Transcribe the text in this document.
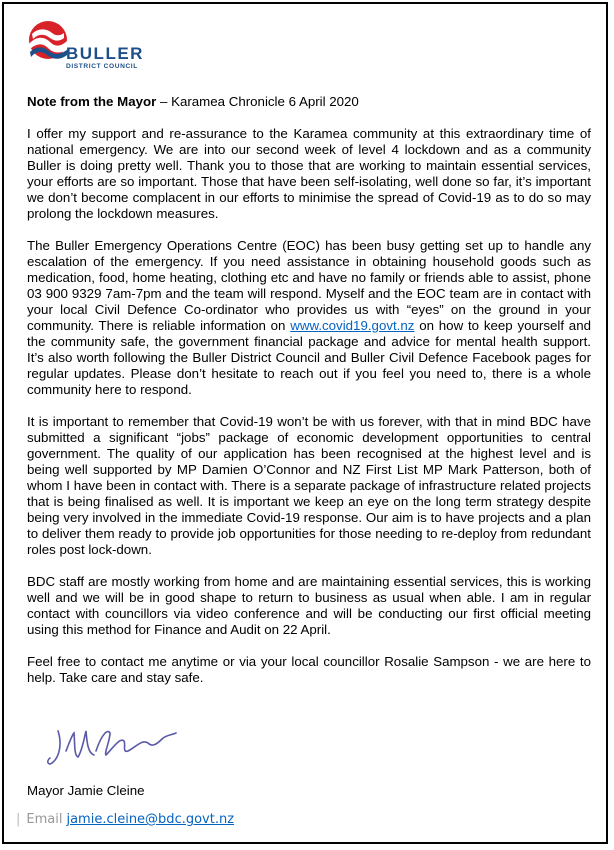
BULLER
DISTRICT COUNCIL
Note from the Mayor – Karamea Chronicle 6 April 2020

I offer my support and re-assurance to the Karamea community at this extraordinary time of national emergency. We are into our second week of level 4 lockdown and as a community Buller is doing pretty well. Thank you to those that are working to maintain essential services, your efforts are so important. Those that have been self-isolating, well done so far, it’s important we don’t become complacent in our efforts to minimise the spread of Covid-19 as to do so may prolong the lockdown measures.

The Buller Emergency Operations Centre (EOC) has been busy getting set up to handle any escalation of the emergency. If you need assistance in obtaining household goods such as medication, food, home heating, clothing etc and have no family or friends able to assist, phone 03 900 9329 7am-7pm and the team will respond. Myself and the EOC team are in contact with your local Civil Defence Co-ordinator who provides us with “eyes” on the ground in your community. There is reliable information on www.covid19.govt.nz on how to keep yourself and the community safe, the government financial package and advice for mental health support. It’s also worth following the Buller District Council and Buller Civil Defence Facebook pages for regular updates. Please don’t hesitate to reach out if you feel you need to, there is a whole community here to respond.

It is important to remember that Covid-19 won’t be with us forever, with that in mind BDC have submitted a significant “jobs” package of economic development opportunities to central government. The quality of our application has been recognised at the highest level and is being well supported by MP Damien O’Connor and NZ First List MP Mark Patterson, both of whom I have been in contact with. There is a separate package of infrastructure related projects that is being finalised as well. It is important we keep an eye on the long term strategy despite being very involved in the immediate Covid-19 response. Our aim is to have projects and a plan to deliver them ready to provide job opportunities for those needing to re-deploy from redundant roles post lock-down.

BDC staff are mostly working from home and are maintaining essential services, this is working well and we will be in good shape to return to business as usual when able. I am in regular contact with councillors via video conference and will be conducting our first official meeting using this method for Finance and Audit on 22 April.

Feel free to contact me anytime or via your local councillor Rosalie Sampson - we are here to help. Take care and stay safe.

Mayor Jamie Cleine
| Email jamie.cleine@bdc.govt.nz
